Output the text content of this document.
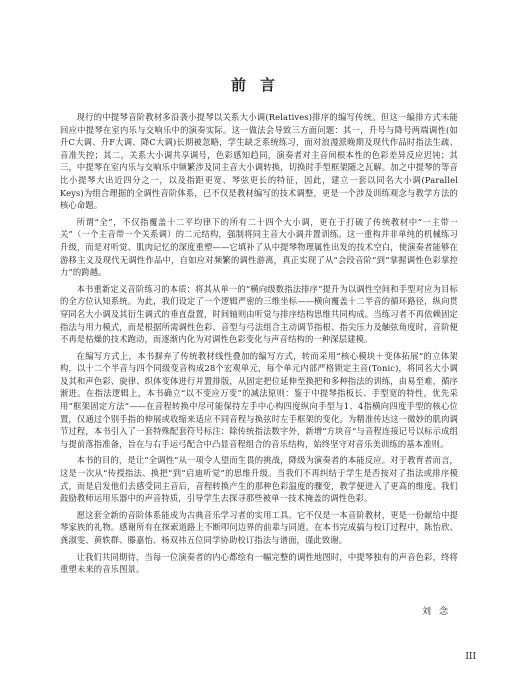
前言

现行的中提琴音阶教材多沿袭小提琴以关系大小调(Relatives)排序的编写传统。但这一编排方式未能回应中提琴在室内乐与交响乐中的演奏实际。这一做法会导致三方面问题：其一，升号与降号两端调性(如升C大调、升F大调、降C大调)长期被忽略，学生缺乏系统练习，面对浪漫派晚期及现代作品时指法生疏、音准失控；其二，关系大小调共享调号，色彩感知趋同，演奏者对主音间根本性的色彩差异反应迟钝；其三，中提琴在室内乐与交响乐中频繁涉及同主音大小调转换，切换时手型框架随之瓦解。加之中提琴的等音比小提琴大出近四分之一，以及指距更宽、琴弦更长的特征，因此，建立一套以同名大小调(Parallel Keys)为组合理据的全调性音阶体系，已不仅是教材编写的技术调整，更是一个涉及训练观念与教学方法的核心命题。

所谓“全”，不仅指覆盖十二平均律下的所有二十四个大小调，更在于打破了传统教材中“一主带一关”（一个主音带一个关系调）的二元结构，强制将同主音大小调并置训练。这一重构并非单纯的机械练习升级，而是对听觉、肌肉记忆的深度重塑——它填补了从中提琴物理属性出发的技术空白，使演奏者能够在游移主义及现代无调性作品中，自如应对频繁的调性游离，真正实现了从“会段音阶”到“掌握调性色彩掌控力”的跨越。

本书重新定义音阶练习的本质：将其从单一的“横向级数指法排序”提升为以调性空间和手型对应为目标的全方位认知系统。为此，我们设定了一个逻辑严密的三维坐标——横向覆盖十二半音的循环路径，纵向贯穿同名大小调及其衍生调式的垂直盘置，时间轴则由听觉与排序结构思维共同构成。当练习者不再依赖固定指法与用力模式，而是根据所需调性色彩、音型与弓法组合主动调节指根、指尖压力及触弦角度时，音阶便不再是枯燥的技术跑动，而逐渐内化为对调性色彩变化与声音结构的一种深层建模。

在编写方式上，本书摒弃了传统教材线性叠加的编写方式，转而采用“核心模块＋变体拓展”的立体架构，以十二个半音与四个同级变音构成28个宏观单元，每个单元内部严格锁定主音(Tonic)，将同名大小调及其和声色彩、旋律、织体变体进行并置排版，从固定把位延伸至换把和多种指法的训练，由易至难，循序渐进。在指法逻辑上，本书确立“以不变应万变”的减法原则：鉴于中提琴指板长、手型宽的特性，优先采用“框架固定方法”——在音程转换中尽可能保持左手中心构四度纵向手型与1、4指横向四度手型的核心位置，仅通过个别手指的伸展或收缩来适应不同音程与换弦时左手框架的变化。为精准传达这一微妙的肌肉调节过程，本书引入了一套特殊配套符号标注：除传统指法数字外，新增“方块音”与音程连接记号以标示成组与提前落指准备，旨在与右手运弓配合中凸显音程组合的音乐结构，始终坚守对音乐美训练的基本准则。

本书的目的，是让“全调性”从一项令人望而生畏的挑战，降级为演奏者的本能反应。对于教育者而言，这是一次从“传授指法、换把”到“启迪听觉”的思维升级。当我们不再纠结于学生是否按对了指法或排序模式，而是启发他们去感受同主音后，音程转换产生的那种色彩温度的骤变，教学便进入了更高的维度。我们鼓励教师运用乐器中的声音特质，引导学生去探寻那些被单一技术掩盖的调性色彩。

愿这套全新的音阶体系能成为古典音乐学习者的实用工具。它不仅是一本音阶教材，更是一份献给中提琴家族的礼物。感谢所有在探索道路上不断叩问边界的前辈与同道。在本书完成搞与校订过程中，陈怡欣、龚淑雯、黄轶群、滕嘉怡、杨双祎五位同学协助校订指法与谱面，谨此致谢。

让我们共同期待，当每一位演奏者的内心都绘有一幅完整的调性地图时，中提琴独有的声音色彩，终将重塑未来的音乐图景。

刘念
III
